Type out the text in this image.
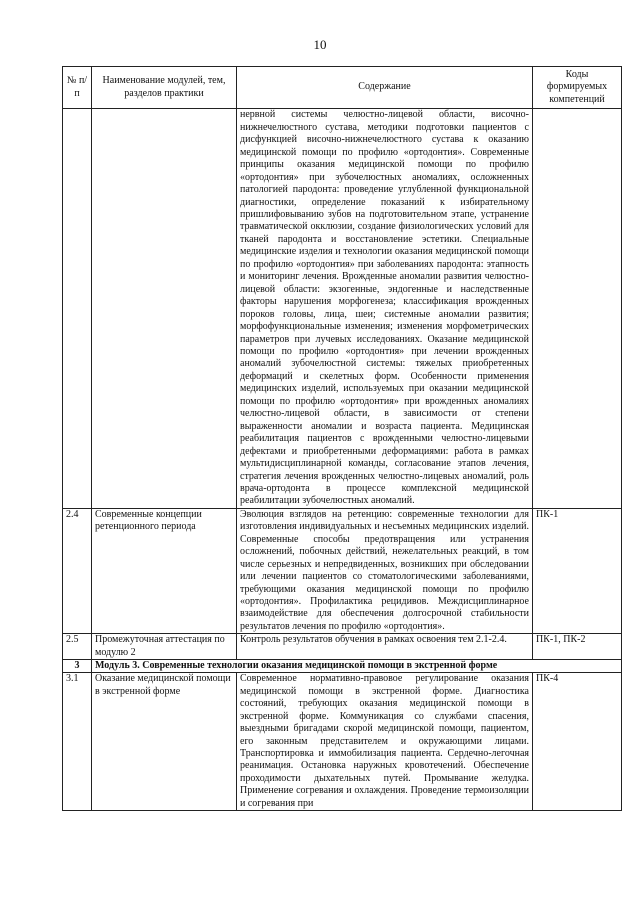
10
№ п/п	Наименование модулей, тем, разделов практики	Содержание	Коды формируемых компетенций
		нервной системы челюстно-лицевой области, височно-нижнечелюстного сустава, методики подготовки пациентов с дисфункцией височно-нижнечелюстного сустава к оказанию медицинской помощи по профилю «ортодонтия». Современные принципы оказания медицинской помощи по профилю «ортодонтия» при зубочелюстных аномалиях, осложненных патологией пародонта: проведение углубленной функциональной диагностики, определение показаний к избирательному пришлифовыванию зубов на подготовительном этапе, устранение травматической окклюзии, создание физиологических условий для тканей пародонта и восстановление эстетики. Специальные медицинские изделия и технологии оказания медицинской помощи по профилю «ортодонтия» при заболеваниях пародонта: этапность и мониторинг лечения. Врожденные аномалии развития челюстно-лицевой области: экзогенные, эндогенные и наследственные факторы нарушения морфогенеза; классификация врожденных пороков головы, лица, шеи; системные аномалии развития; морфофункциональные изменения; изменения морфометрических параметров при лучевых исследованиях. Оказание медицинской помощи по профилю «ортодонтия» при лечении врожденных аномалий зубочелюстной системы: тяжелых приобретенных деформаций и скелетных форм. Особенности применения медицинских изделий, используемых при оказании медицинской помощи по профилю «ортодонтия» при врожденных аномалиях челюстно-лицевой области, в зависимости от степени выраженности аномалии и возраста пациента. Медицинская реабилитация пациентов с врожденными челюстно-лицевыми дефектами и приобретенными деформациями: работа в рамках мультидисциплинарной команды, согласование этапов лечения, стратегия лечения врожденных челюстно-лицевых аномалий, роль врача-ортодонта в процессе комплексной медицинской реабилитации зубочелюстных аномалий.	
2.4	Современные концепции ретенционного периода	Эволюция взглядов на ретенцию: современные технологии для изготовления индивидуальных и несъемных медицинских изделий. Современные способы предотвращения или устранения осложнений, побочных действий, нежелательных реакций, в том числе серьезных и непредвиденных, возникших при обследовании или лечении пациентов со стоматологическими заболеваниями, требующими оказания медицинской помощи по профилю «ортодонтия». Профилактика рецидивов. Междисциплинарное взаимодействие для обеспечения долгосрочной стабильности результатов лечения по профилю «ортодонтия».	ПК-1
2.5	Промежуточная аттестация по модулю 2	Контроль результатов обучения в рамках освоения тем 2.1-2.4.	ПК-1, ПК-2
3	Модуль 3. Современные технологии оказания медицинской помощи в экстренной форме		
3.1	Оказание медицинской помощи в экстренной форме	Современное нормативно-правовое регулирование оказания медицинской помощи в экстренной форме. Диагностика состояний, требующих оказания медицинской помощи в экстренной форме. Коммуникация со службами спасения, выездными бригадами скорой медицинской помощи, пациентом, его законным представителем и окружающими лицами. Транспортировка и иммобилизация пациента. Сердечно-легочная реанимация. Остановка наружных кровотечений. Обеспечение проходимости дыхательных путей. Промывание желудка. Применение согревания и охлаждения. Проведение термоизоляции и согревания при	ПК-4
